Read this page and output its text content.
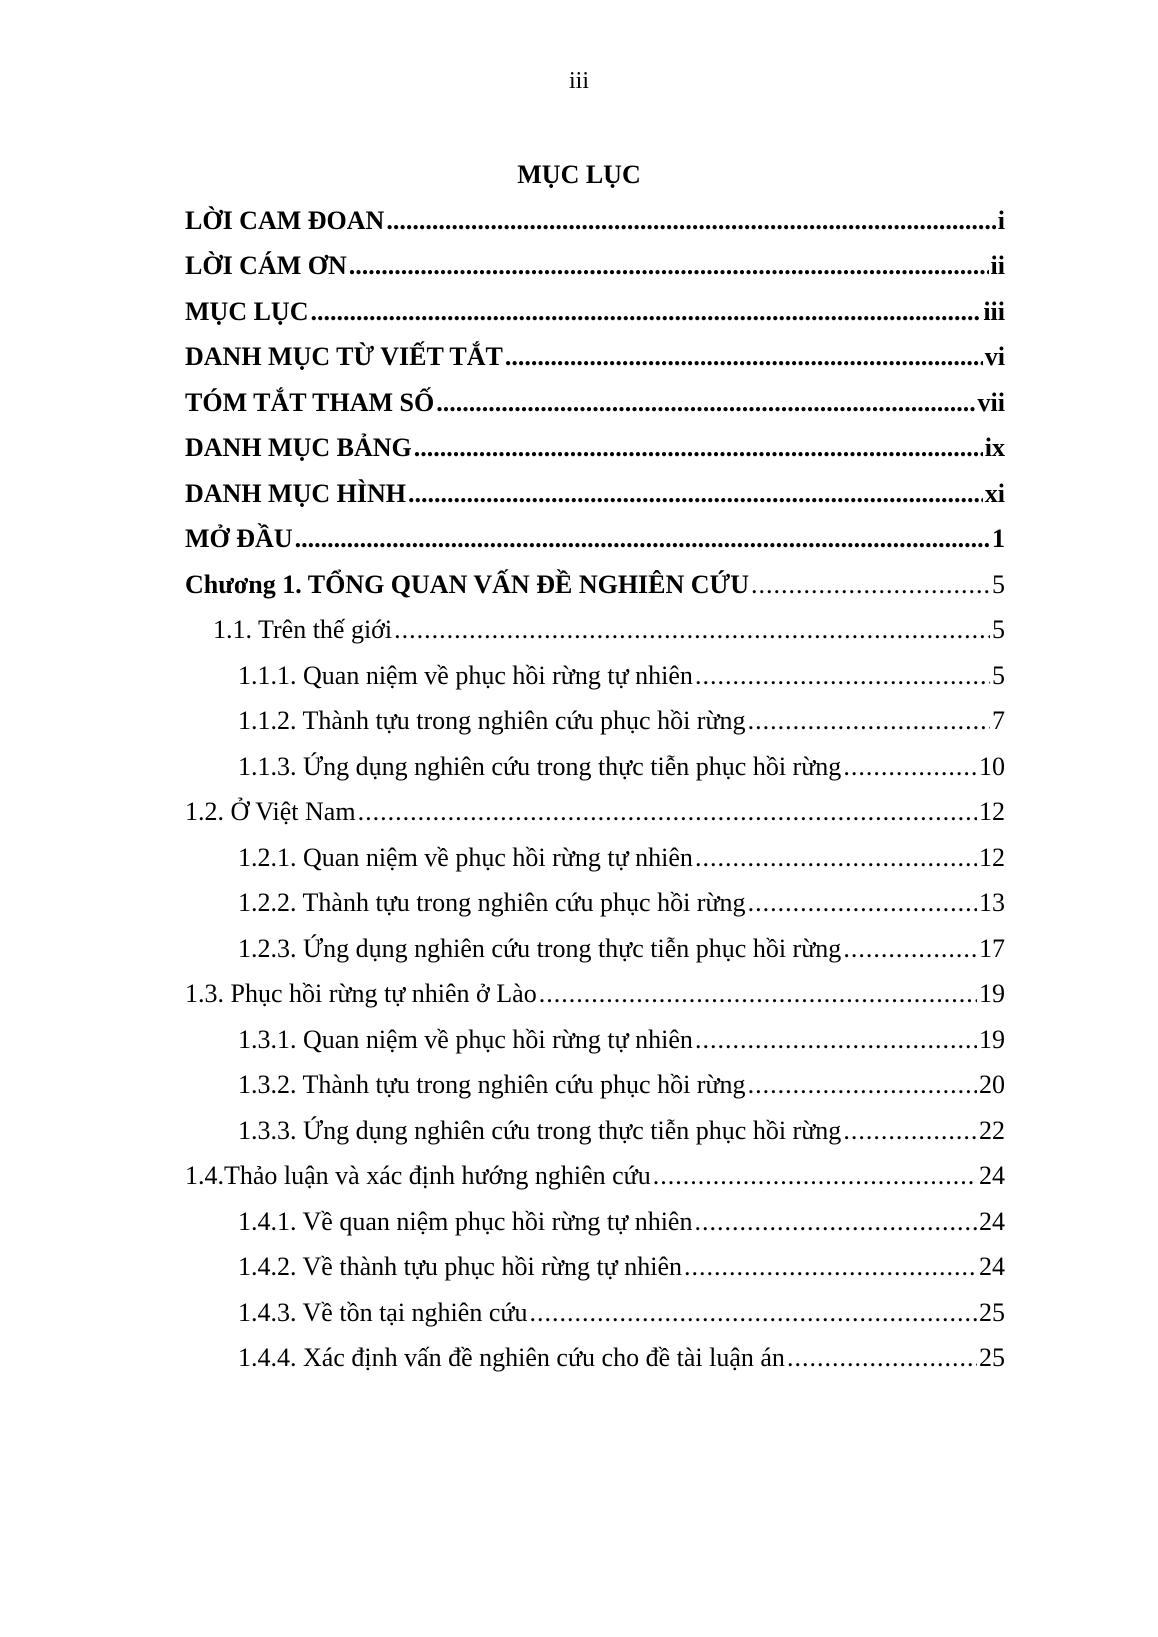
iii
MỤC LỤC
LỜI CAM ĐOAN .....	i
LỜI CÁM ƠN .....	ii
MỤC LỤC .....	iii
DANH MỤC TỪ VIẾT TẮT .....	vi
TÓM TẮT THAM SỐ .....	vii
DANH MỤC BẢNG .....	ix
DANH MỤC HÌNH .....	xi
MỞ ĐẦU .....	1
Chương 1. TỔNG QUAN VẤN ĐỀ NGHIÊN CỨU .....	5
1.1. Trên thế giới .....	5
1.1.1. Quan niệm về phục hồi rừng tự nhiên .....	5
1.1.2. Thành tựu trong nghiên cứu phục hồi rừng .....	7
1.1.3. Ứng dụng nghiên cứu trong thực tiễn phục hồi rừng .....	10
1.2. Ở Việt Nam .....	12
1.2.1. Quan niệm về phục hồi rừng tự nhiên .....	12
1.2.2. Thành tựu trong nghiên cứu phục hồi rừng .....	13
1.2.3. Ứng dụng nghiên cứu trong thực tiễn phục hồi rừng .....	17
1.3. Phục hồi rừng tự nhiên ở Lào .....	19
1.3.1. Quan niệm về phục hồi rừng tự nhiên .....	19
1.3.2. Thành tựu trong nghiên cứu phục hồi rừng .....	20
1.3.3. Ứng dụng nghiên cứu trong thực tiễn phục hồi rừng .....	22
1.4.Thảo luận và xác định hướng nghiên cứu .....	24
1.4.1. Về quan niệm phục hồi rừng tự nhiên .....	24
1.4.2. Về thành tựu phục hồi rừng tự nhiên .....	24
1.4.3. Về tồn tại nghiên cứu .....	25
1.4.4. Xác định vấn đề nghiên cứu cho đề tài luận án .....	25
